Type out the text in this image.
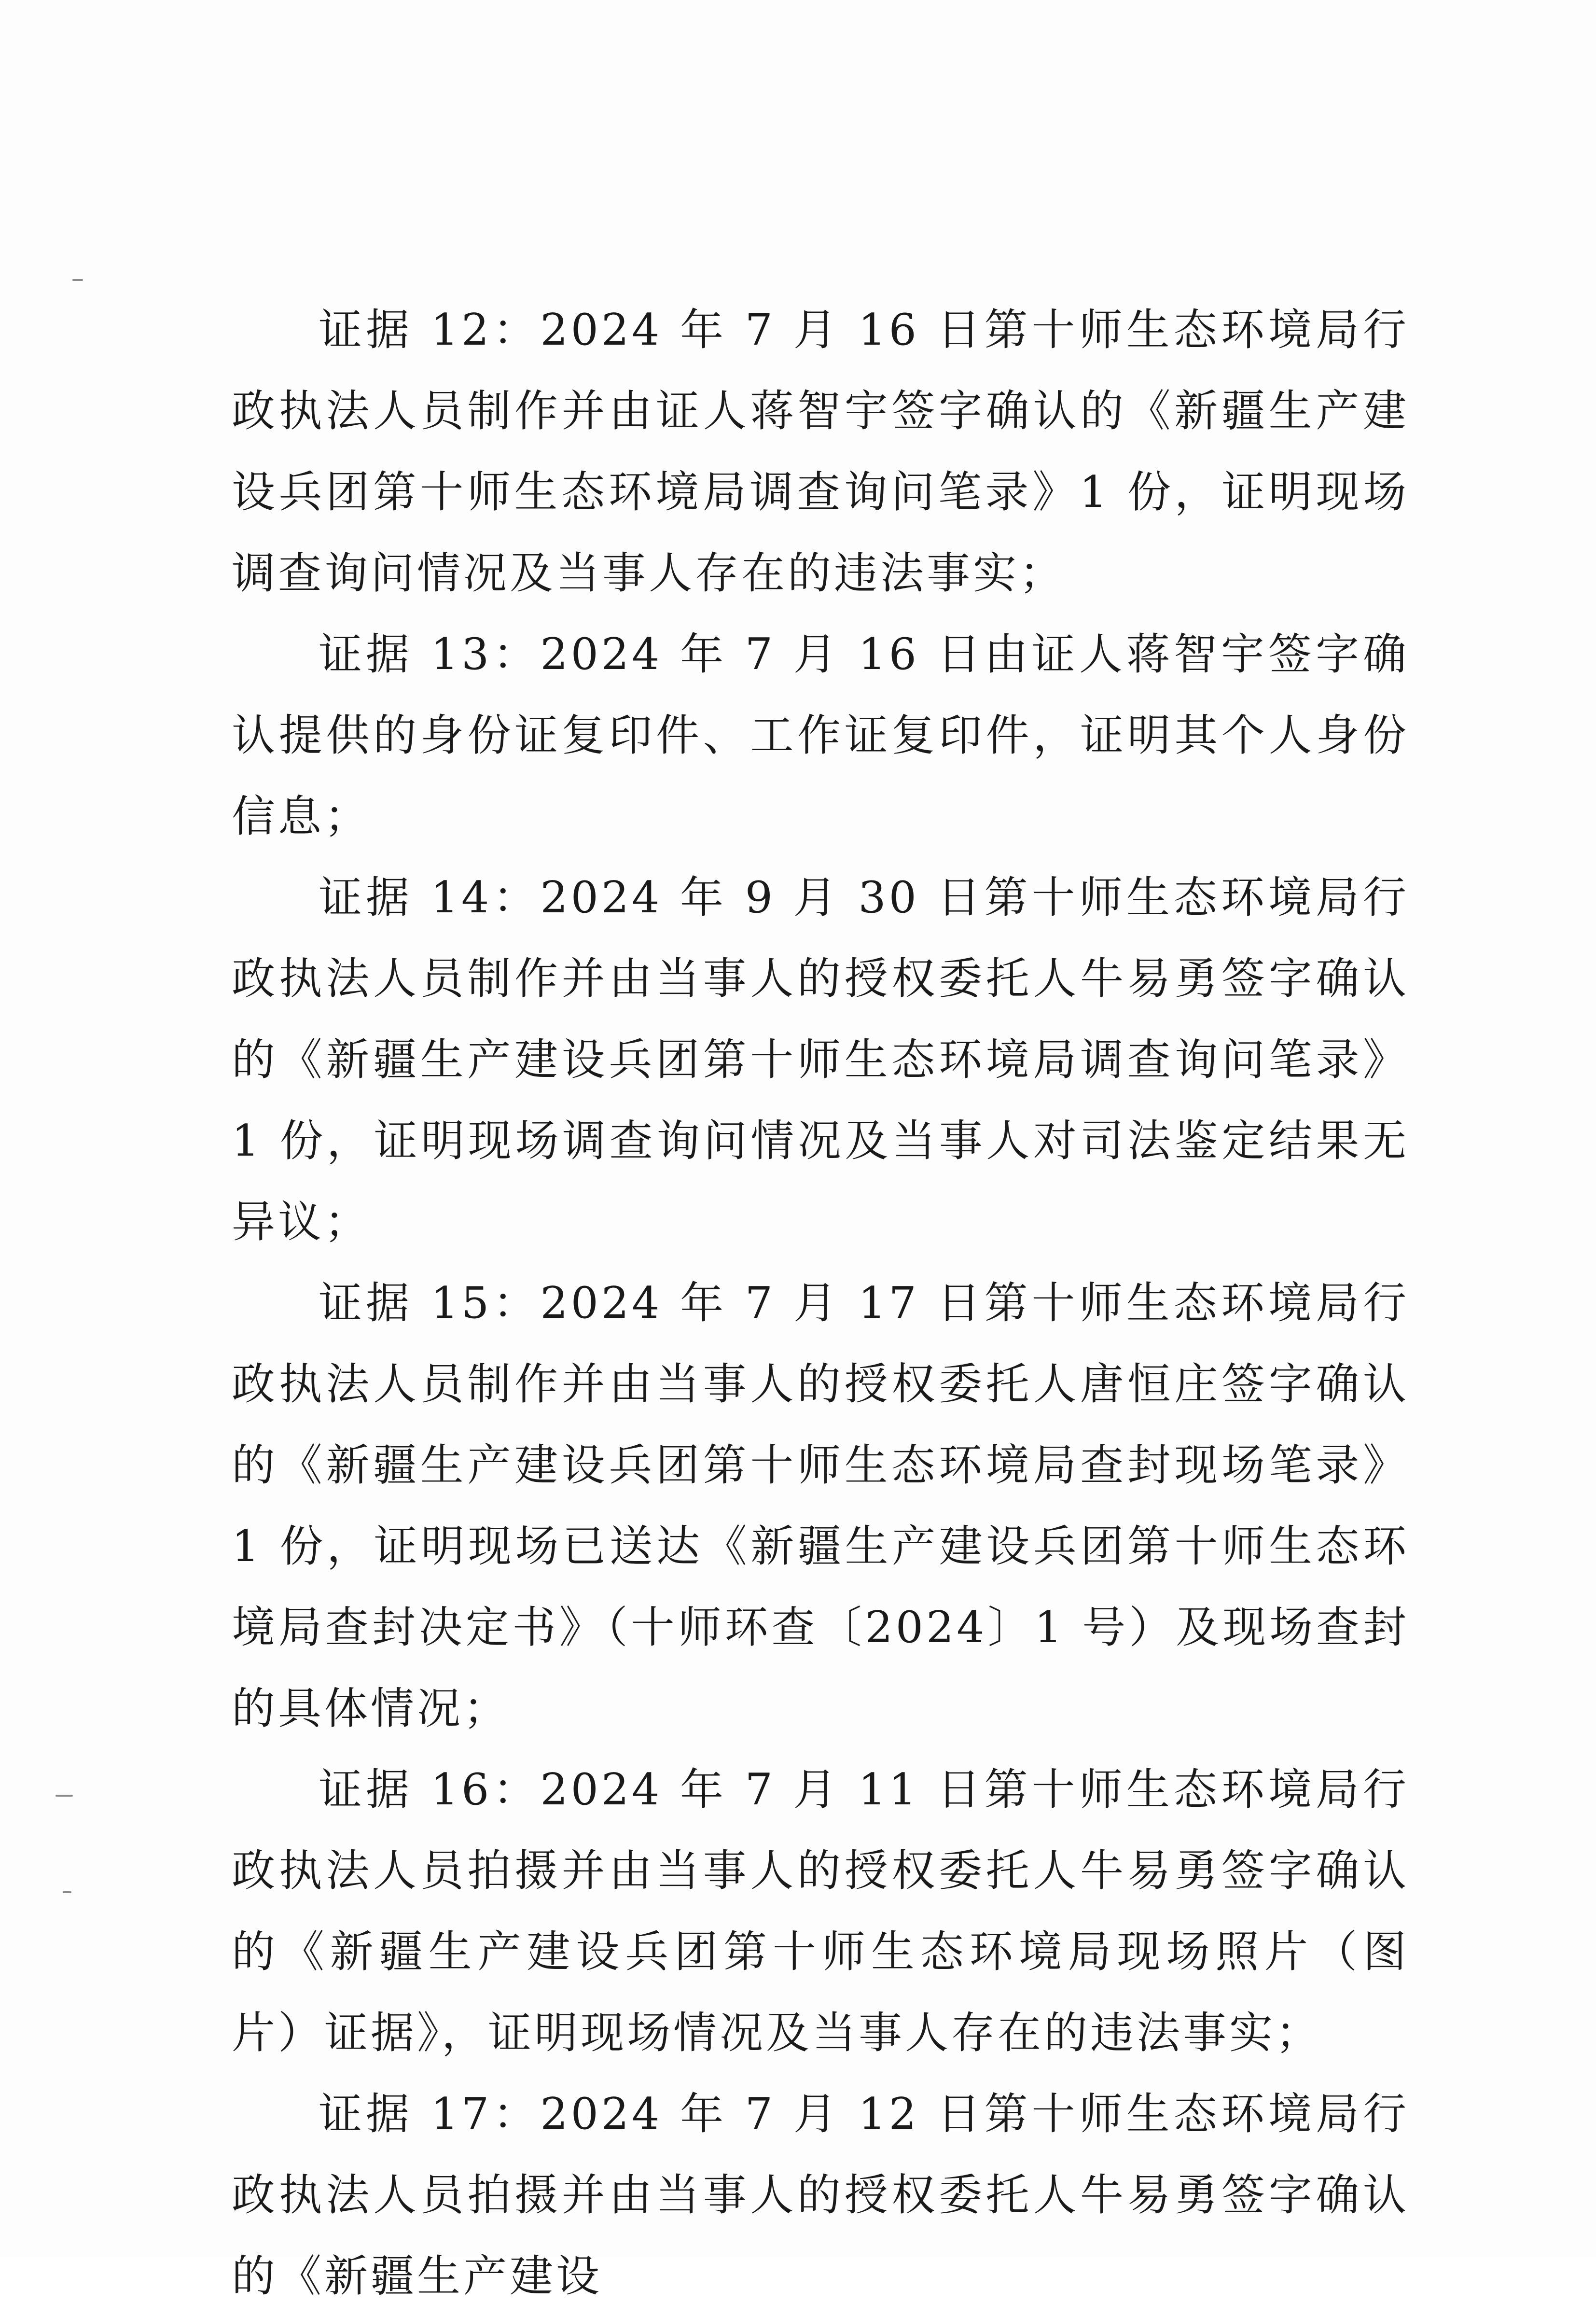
证据 12：2024 年 7 月 16 日第十师生态环境局行政执法人员制作并由证人蒋智宇签字确认的《新疆生产建设兵团第十师生态环境局调查询问笔录》1 份，证明现场调查询问情况及当事人存在的违法事实；

证据 13：2024 年 7 月 16 日由证人蒋智宇签字确认提供的身份证复印件、工作证复印件，证明其个人身份信息；

证据 14：2024 年 9 月 30 日第十师生态环境局行政执法人员制作并由当事人的授权委托人牛易勇签字确认的《新疆生产建设兵团第十师生态环境局调查询问笔录》1 份，证明现场调查询问情况及当事人对司法鉴定结果无异议；

证据 15：2024 年 7 月 17 日第十师生态环境局行政执法人员制作并由当事人的授权委托人唐恒庄签字确认的《新疆生产建设兵团第十师生态环境局查封现场笔录》1 份，证明现场已送达《新疆生产建设兵团第十师生态环境局查封决定书》（十师环查〔2024〕1 号）及现场查封的具体情况；

证据 16：2024 年 7 月 11 日第十师生态环境局行政执法人员拍摄并由当事人的授权委托人牛易勇签字确认的《新疆生产建设兵团第十师生态环境局现场照片（图片）证据》，证明现场情况及当事人存在的违法事实；

证据 17：2024 年 7 月 12 日第十师生态环境局行政执法人员拍摄并由当事人的授权委托人牛易勇签字确认的《新疆生产建设
